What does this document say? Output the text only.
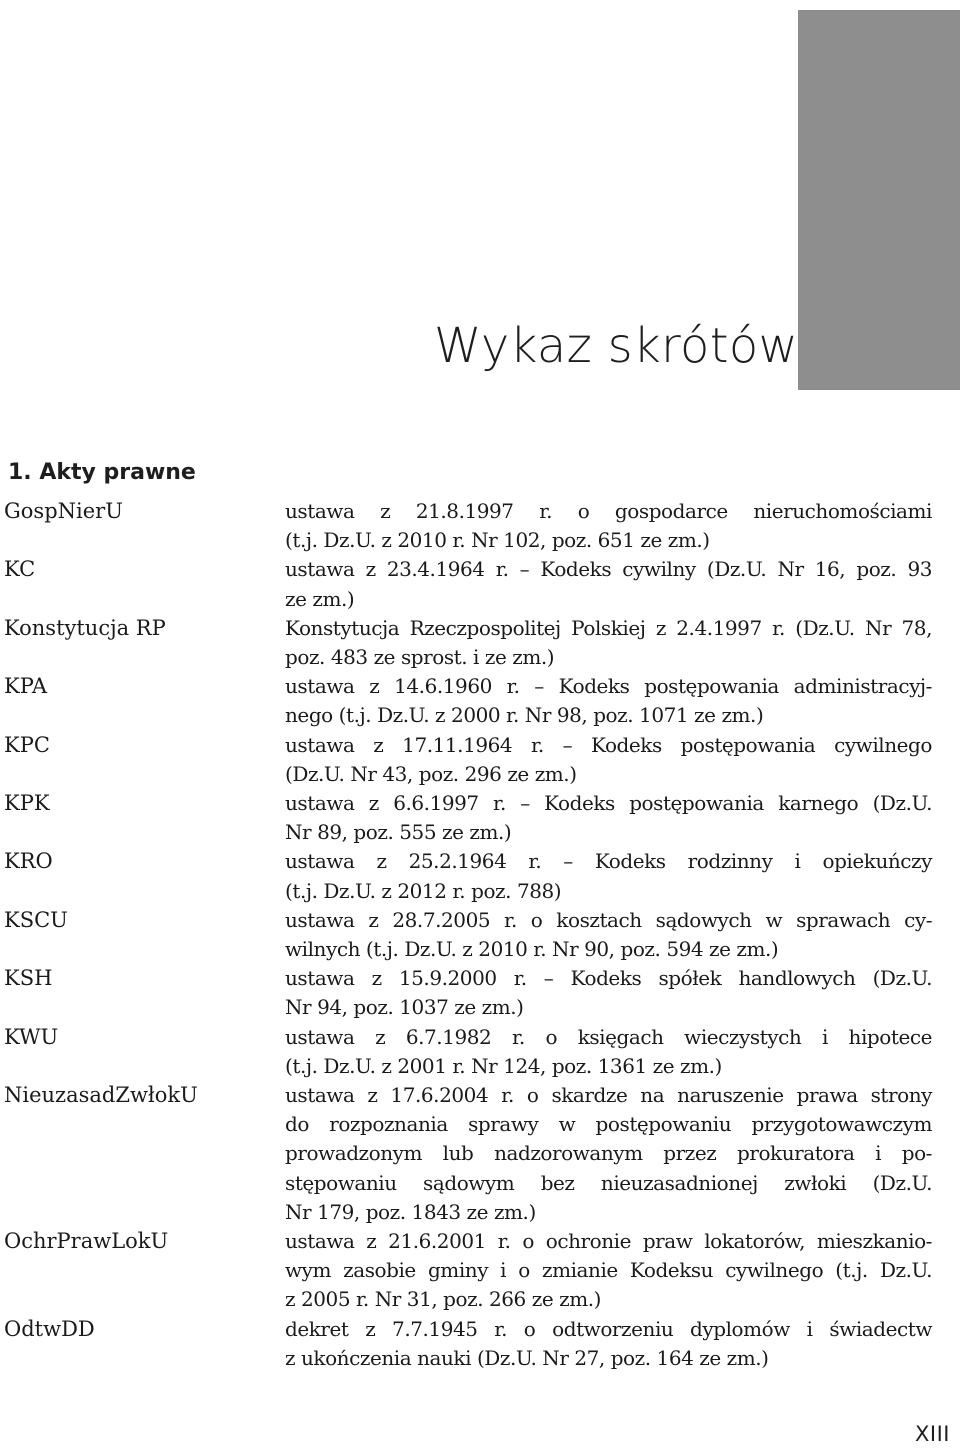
Wykaz skrótów
1. Akty prawne
GospNierU	ustawa z 21.8.1997 r. o gospodarce nieruchomościami
(t.j. Dz.U. z 2010 r. Nr 102, poz. 651 ze zm.)
KC	ustawa z 23.4.1964 r. – Kodeks cywilny (Dz.U. Nr 16, poz. 93
ze zm.)
Konstytucja RP	Konstytucja Rzeczpospolitej Polskiej z 2.4.1997 r. (Dz.U. Nr 78,
poz. 483 ze sprost. i ze zm.)
KPA	ustawa z 14.6.1960 r. – Kodeks postępowania administracyj-
nego (t.j. Dz.U. z 2000 r. Nr 98, poz. 1071 ze zm.)
KPC	ustawa z 17.11.1964 r. – Kodeks postępowania cywilnego
(Dz.U. Nr 43, poz. 296 ze zm.)
KPK	ustawa z 6.6.1997 r. – Kodeks postępowania karnego (Dz.U.
Nr 89, poz. 555 ze zm.)
KRO	ustawa z 25.2.1964 r. – Kodeks rodzinny i opiekuńczy
(t.j. Dz.U. z 2012 r. poz. 788)
KSCU	ustawa z 28.7.2005 r. o kosztach sądowych w sprawach cy-
wilnych (t.j. Dz.U. z 2010 r. Nr 90, poz. 594 ze zm.)
KSH	ustawa z 15.9.2000 r. – Kodeks spółek handlowych (Dz.U.
Nr 94, poz. 1037 ze zm.)
KWU	ustawa z 6.7.1982 r. o księgach wieczystych i hipotece
(t.j. Dz.U. z 2001 r. Nr 124, poz. 1361 ze zm.)
NieuzasadZwłokU	ustawa z 17.6.2004 r. o skardze na naruszenie prawa strony
do rozpoznania sprawy w postępowaniu przygotowawczym
prowadzonym lub nadzorowanym przez prokuratora i po-
stępowaniu sądowym bez nieuzasadnionej zwłoki (Dz.U.
Nr 179, poz. 1843 ze zm.)
OchrPrawLokU	ustawa z 21.6.2001 r. o ochronie praw lokatorów, mieszkanio-
wym zasobie gminy i o zmianie Kodeksu cywilnego (t.j. Dz.U.
z 2005 r. Nr 31, poz. 266 ze zm.)
OdtwDD	dekret z 7.7.1945 r. o odtworzeniu dyplomów i świadectw
z ukończenia nauki (Dz.U. Nr 27, poz. 164 ze zm.)
XIII
